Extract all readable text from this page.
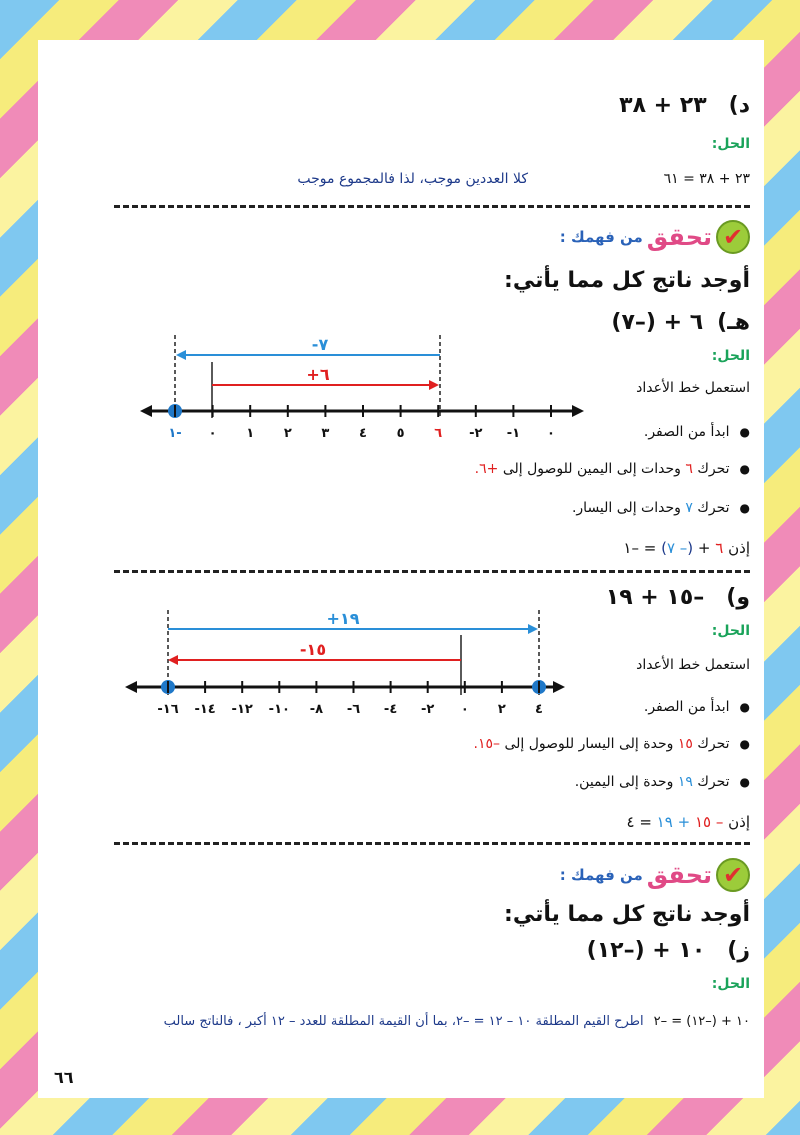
د)
٢٣ + ٣٨
الحل:
٢٣ + ٣٨ = ٦١
كلا العددين موجب، لذا فالمجموع موجب
✔
تحقق
من فهمك :
أوجد ناتج كل مما يأتي:
هـ)
٦ + (–٧)
الحل:
استعمل خط الأعداد
-٧
+٦
٠
-١
-٢
٦
٥
٤
٣
٢
١
٠
١-	●ابدأ من الصفر.
●تحرك ٦ وحدات إلى اليمين للوصول إلى +٦.
●تحرك ٧ وحدات إلى اليسار.
إذن ٦ + (– ٧) = –١
و)
–١٥ + ١٩
الحل:
استعمل خط الأعداد
+١٩
-١٥
٤
٢
٠
-٢
-٤
-٦
-٨
-١٠
-١٢
-١٤
-١٦	●ابدأ من الصفر.
●تحرك ١٥ وحدة إلى اليسار للوصول إلى –١٥.
●تحرك ١٩ وحدة إلى اليمين.
إذن – ١٥ + ١٩ = ٤
✔
تحقق
من فهمك :
أوجد ناتج كل مما يأتي:
ز)
١٠ + (–١٢)
الحل:
١٠ + (–١٢) = –٢
اطرح القيم المطلقة ١٠ – ١٢ = –٢، بما أن القيمة المطلقة للعدد – ١٢ أكبر ، فالناتج سالب
٦٦
